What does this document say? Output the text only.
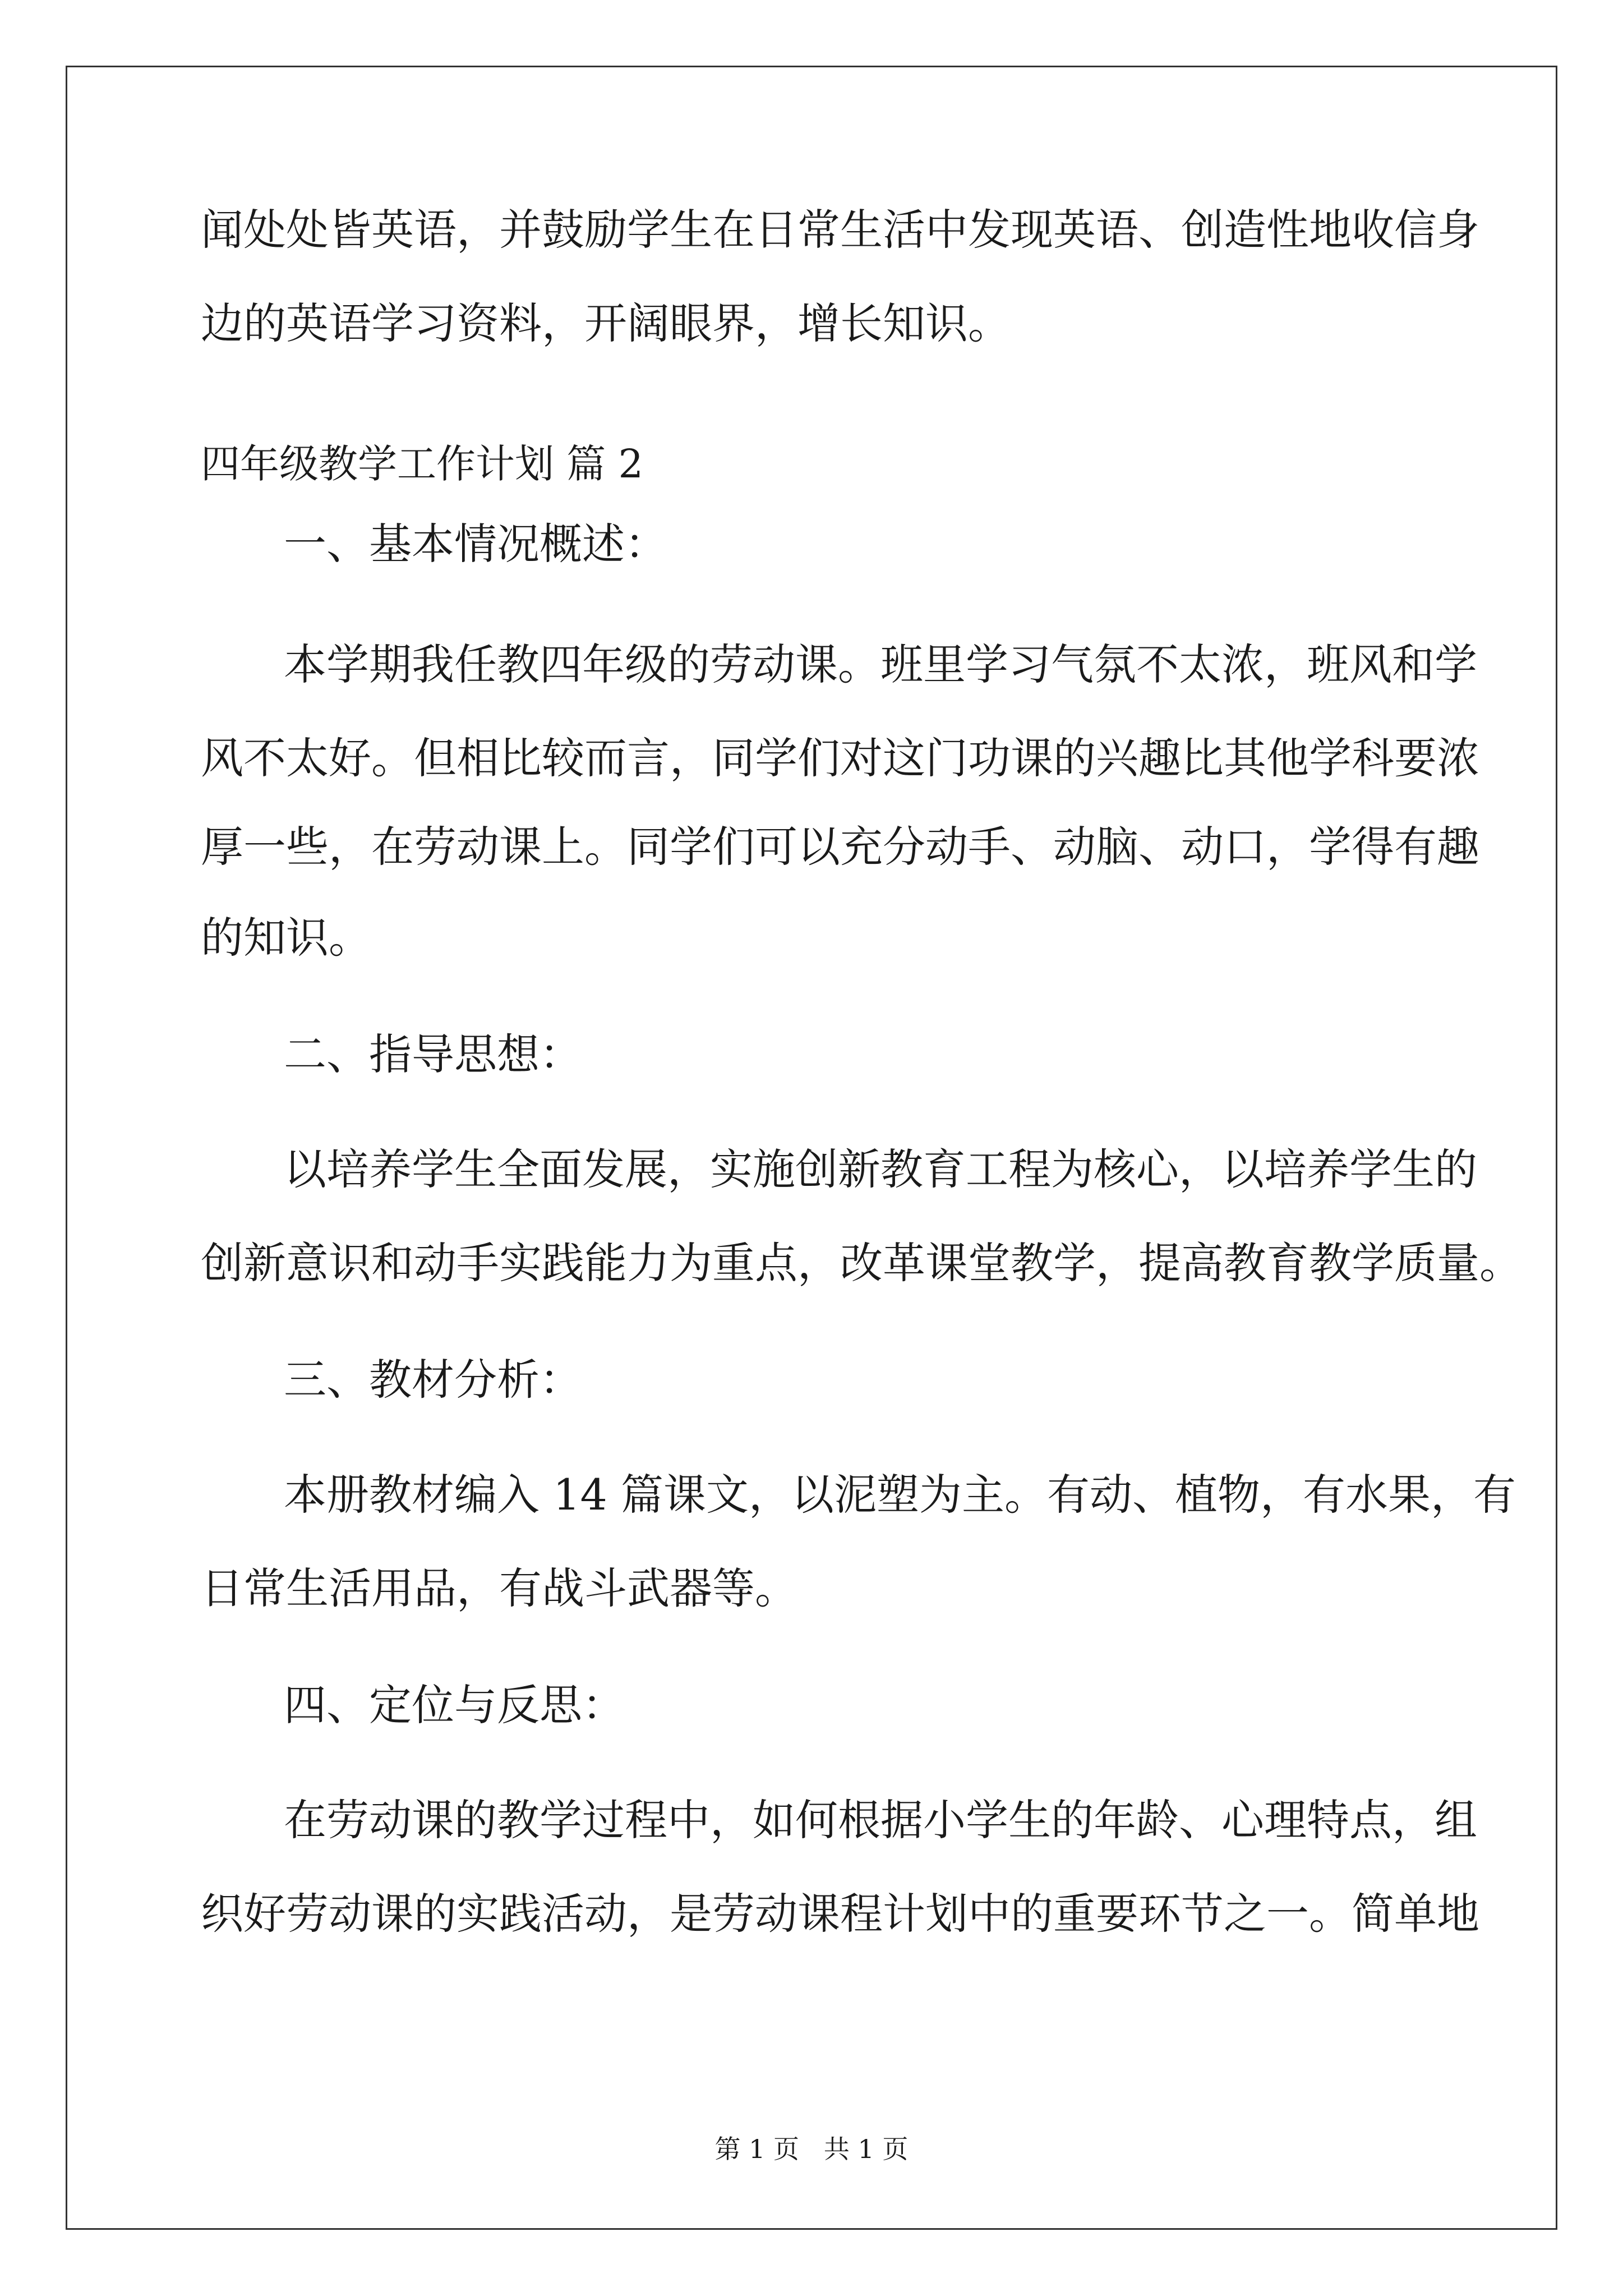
闻处处皆英语，并鼓励学生在日常生活中发现英语、创造性地收信身
边的英语学习资料，开阔眼界，增长知识。
四年级教学工作计划 篇 2
一、基本情况概述：
本学期我任教四年级的劳动课。班里学习气氛不太浓，班风和学
风不太好。但相比较而言，同学们对这门功课的兴趣比其他学科要浓
厚一些，在劳动课上。同学们可以充分动手、动脑、动口，学得有趣
的知识。
二、指导思想：
以培养学生全面发展，实施创新教育工程为核心，以培养学生的
创新意识和动手实践能力为重点，改革课堂教学，提高教育教学质量。
三、教材分析：
本册教材编入 14 篇课文，以泥塑为主。有动、植物，有水果，有
日常生活用品，有战斗武器等。
四、定位与反思：
在劳动课的教学过程中，如何根据小学生的年龄、心理特点，组
织好劳动课的实践活动，是劳动课程计划中的重要环节之一。简单地
第 1 页   共 1 页
